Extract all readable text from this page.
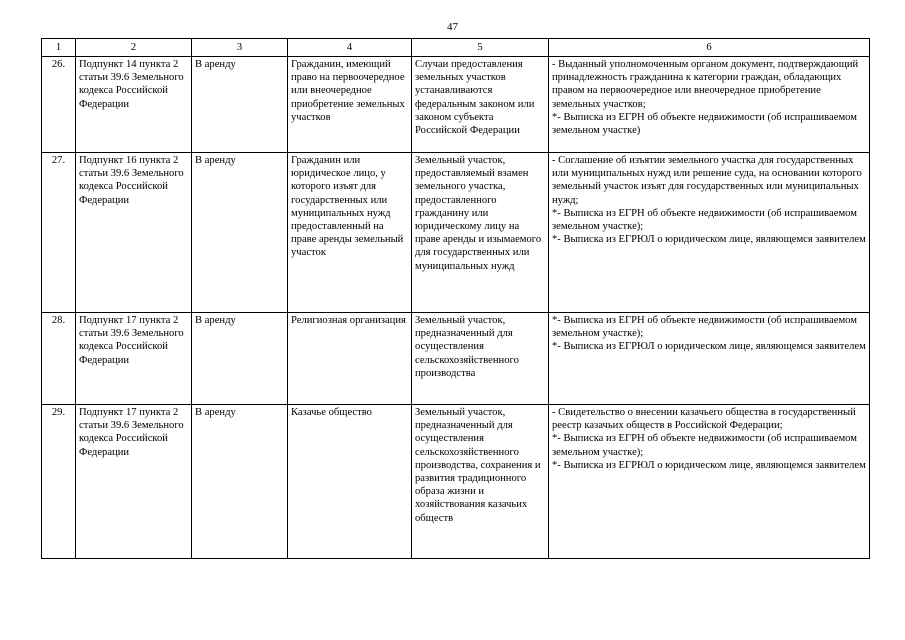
47
1	2	3	4	5	6
26.	Подпункт 14 пункта 2 статьи 39.6 Земельного кодекса Российской Федерации	В аренду	Гражданин, имеющий право на первоочередное или внеочередное приобретение земельных участков	Случаи предоставления земельных участков устанавливаются федеральным законом или законом субъекта Российской Федерации	- Выданный уполномоченным органом документ, подтверждающий принадлежность гражданина к категории граждан, обладающих правом на первоочередное или внеочередное приобретение земельных участков;
*- Выписка из ЕГРН об объекте недвижимости (об испрашиваемом земельном участке)

27.	Подпункт 16 пункта 2 статьи 39.6 Земельного кодекса Российской Федерации	В аренду	Гражданин или юридическое лицо, у которого изъят для государственных или муниципальных нужд предоставленный на праве аренды земельный участок	Земельный участок, предоставляемый взамен земельного участка, предоставленного гражданину или юридическому лицу на праве аренды и изымаемого для государственных или муниципальных нужд	- Соглашение об изъятии земельного участка для государственных или муниципальных нужд или решение суда, на основании которого земельный участок изъят для государственных или муниципальных нужд;
*- Выписка из ЕГРН об объекте недвижимости (об испрашиваемом земельном участке);
*- Выписка из ЕГРЮЛ о юридическом лице, являющемся заявителем

28.	Подпункт 17 пункта 2 статьи 39.6 Земельного кодекса Российской Федерации	В аренду	Религиозная организация	Земельный участок, предназначенный для осуществления сельскохозяйственного производства	*- Выписка из ЕГРН об объекте недвижимости (об испрашиваемом земельном участке);
*- Выписка из ЕГРЮЛ о юридическом лице, являющемся заявителем

29.	Подпункт 17 пункта 2 статьи 39.6 Земельного кодекса Российской Федерации	В аренду	Казачье общество	Земельный участок, предназначенный для осуществления сельскохозяйственного производства, сохранения и развития традиционного образа жизни и хозяйствования казачьих обществ	- Свидетельство о внесении казачьего общества в государственный реестр казачьих обществ в Российской Федерации;
*- Выписка из ЕГРН об объекте недвижимости (об испрашиваемом земельном участке);
*- Выписка из ЕГРЮЛ о юридическом лице, являющемся заявителем
